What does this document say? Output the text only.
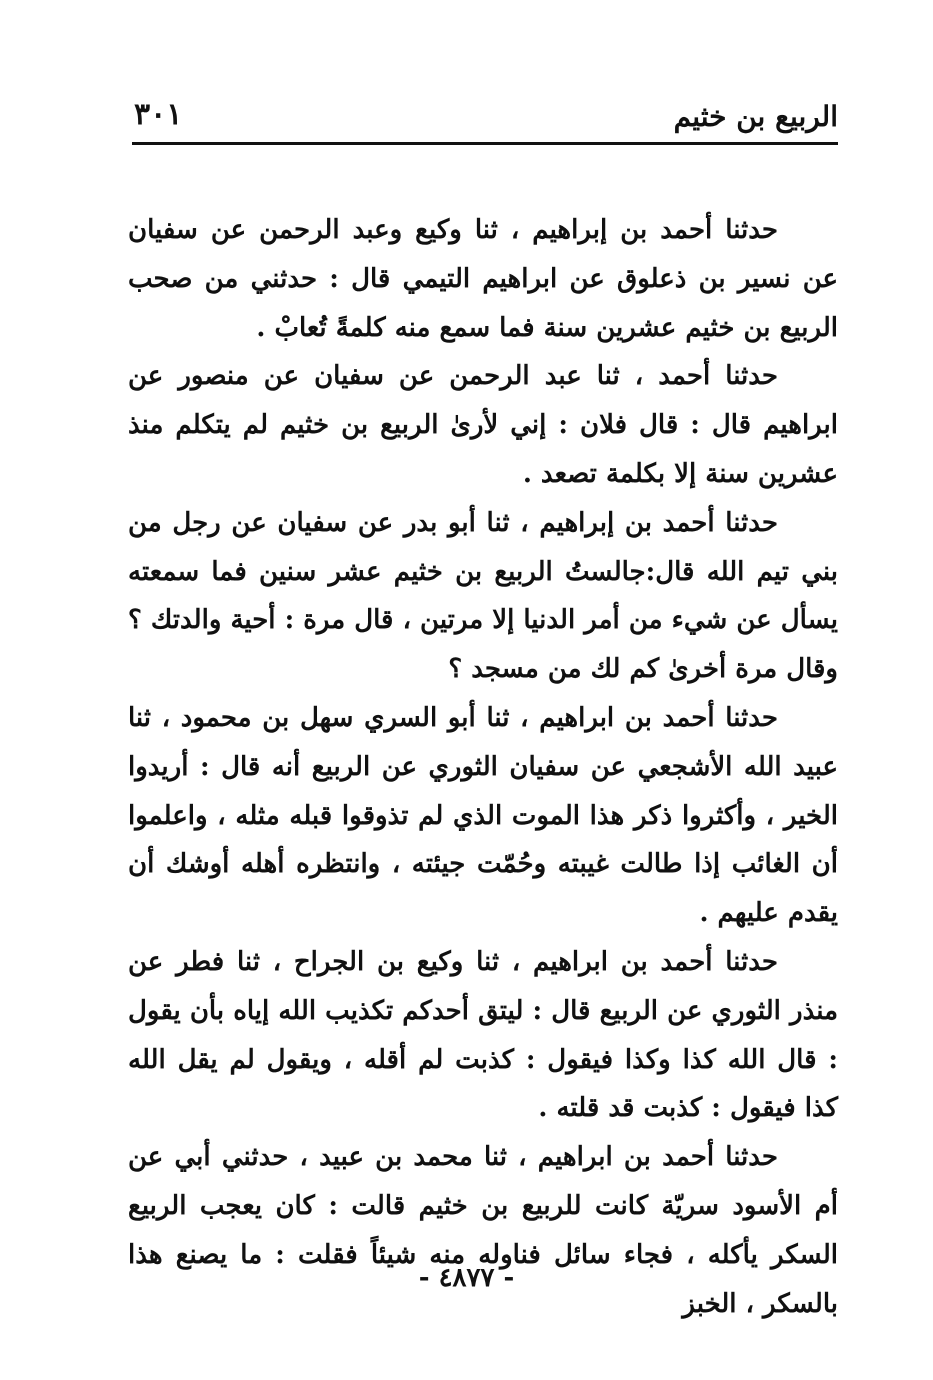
الربيع بن خثيم
٣٠١

حدثنا أحمد بن إبراهيم ، ثنا وكيع وعبد الرحمن عن سفيان عن نسير بن ذعلوق عن ابراهيم التيمي قال : حدثني من صحب الربيع بن خثيم عشرين سنة فما سمع منه كلمةً تُعابْ .

حدثنا أحمد ، ثنا عبد الرحمن عن سفيان عن منصور عن ابراهيم قال : قال فلان : إني لأرىٰ الربيع بن خثيم لم يتكلم منذ عشرين سنة إلا بكلمة تصعد .

حدثنا أحمد بن إبراهيم ، ثنا أبو بدر عن سفيان عن رجل من بني تيم الله قال:جالستُ الربيع بن خثيم عشر سنين فما سمعته يسأل عن شيء من أمر الدنيا إلا مرتين ، قال مرة : أحية والدتك ؟ وقال مرة أخرىٰ كم لك من مسجد ؟

حدثنا أحمد بن ابراهيم ، ثنا أبو السري سهل بن محمود ، ثنا عبيد الله الأشجعي عن سفيان الثوري عن الربيع أنه قال : أريدوا الخير ، وأكثروا ذكر هذا الموت الذي لم تذوقوا قبله مثله ، واعلموا أن الغائب إذا طالت غيبته وحُمّت جيئته ، وانتظره أهله أوشك أن يقدم عليهم .

حدثنا أحمد بن ابراهيم ، ثنا وكيع بن الجراح ، ثنا فطر عن منذر الثوري عن الربيع قال : ليتق أحدكم تكذيب الله إياه بأن يقول : قال الله كذا وكذا فيقول : كذبت لم أقله ، ويقول لم يقل الله كذا فيقول : كذبت قد قلته .

حدثنا أحمد بن ابراهيم ، ثنا محمد بن عبيد ، حدثني أبي عن أم الأسود سريّة كانت للربيع بن خثيم قالت : كان يعجب الربيع السكر يأكله ، فجاء سائل فناوله منه شيئاً فقلت : ما يصنع هذا بالسكر ، الخبز

- ٤٨٧٧ -
